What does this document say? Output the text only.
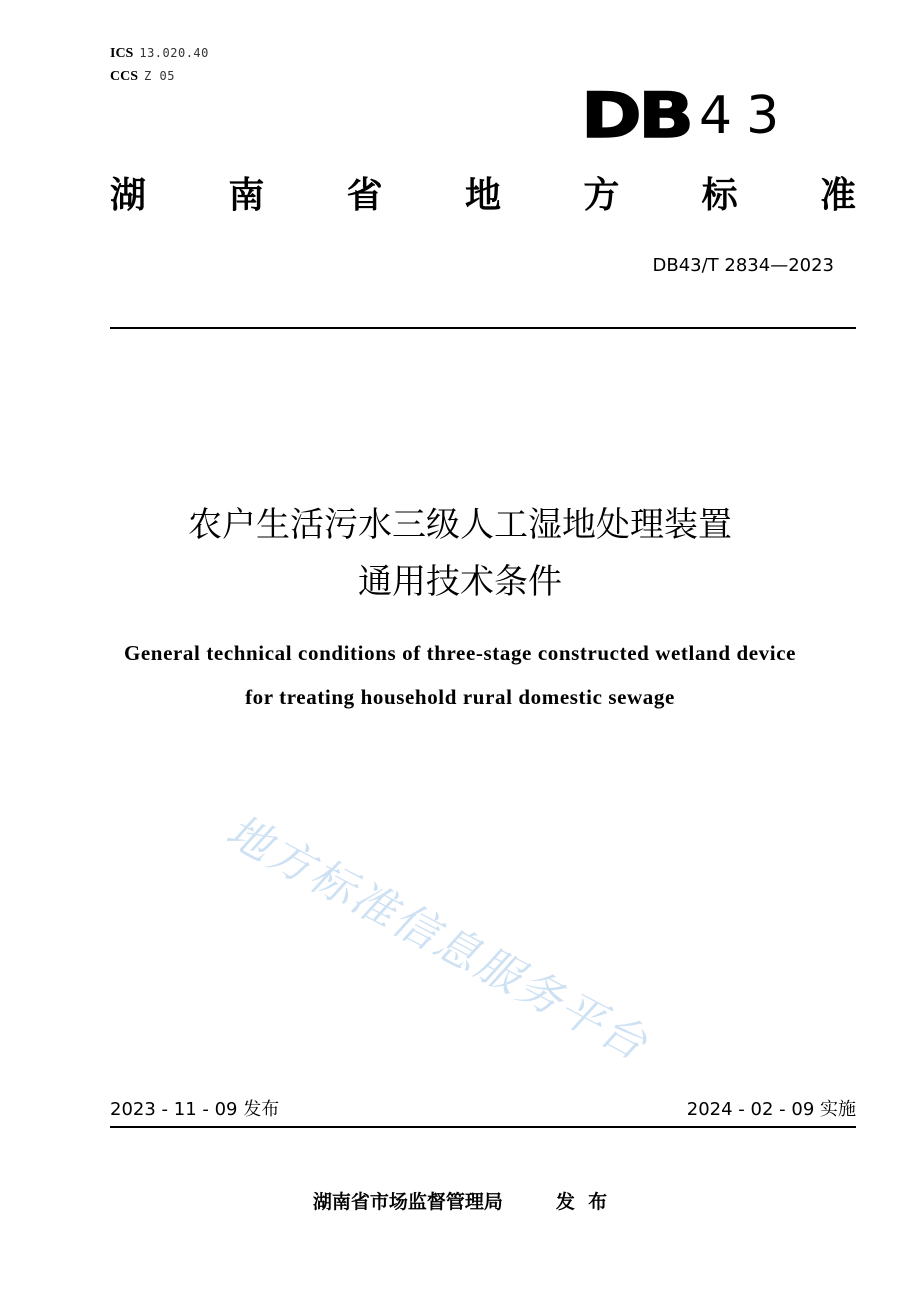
ICS 13.020.40
CCS Z 05
DB 43
湖 南 省 地 方 标 准
DB43/T 2834—2023
农户生活污水三级人工湿地处理装置
通用技术条件
General technical conditions of three-stage constructed wetland device
for treating household rural domestic sewage
地方标准信息服务平台
2023 - 11 - 09 发布	2024 - 02 - 09 实施
湖南省市场监督管理局        发  布
